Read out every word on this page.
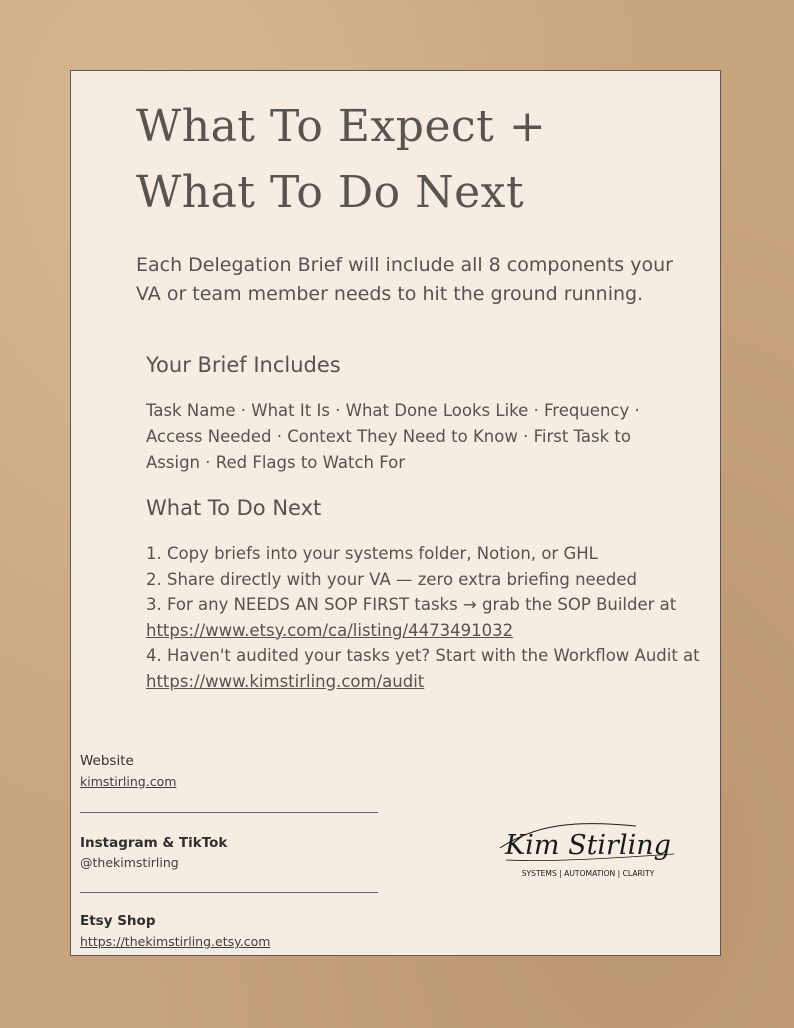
What To Expect +
What To Do Next

Each Delegation Brief will include all 8 components your VA or team member needs to hit the ground running.

Your Brief Includes

Task Name · What It Is · What Done Looks Like · Frequency · Access Needed · Context They Need to Know · First Task to Assign · Red Flags to Watch For

What To Do Next

1. Copy briefs into your systems folder, Notion, or GHL

2. Share directly with your VA — zero extra briefing needed

3. For any NEEDS AN SOP FIRST tasks → grab the SOP Builder at https://www.etsy.com/ca/listing/4473491032

4. Haven't audited your tasks yet? Start with the Workflow Audit at https://www.kimstirling.com/audit

Website

kimstirling.com

Instagram & TikTok

@thekimstirling

Etsy Shop

https://thekimstirling.etsy.com
Kim Stirling
SYSTEMS | AUTOMATION | CLARITY
